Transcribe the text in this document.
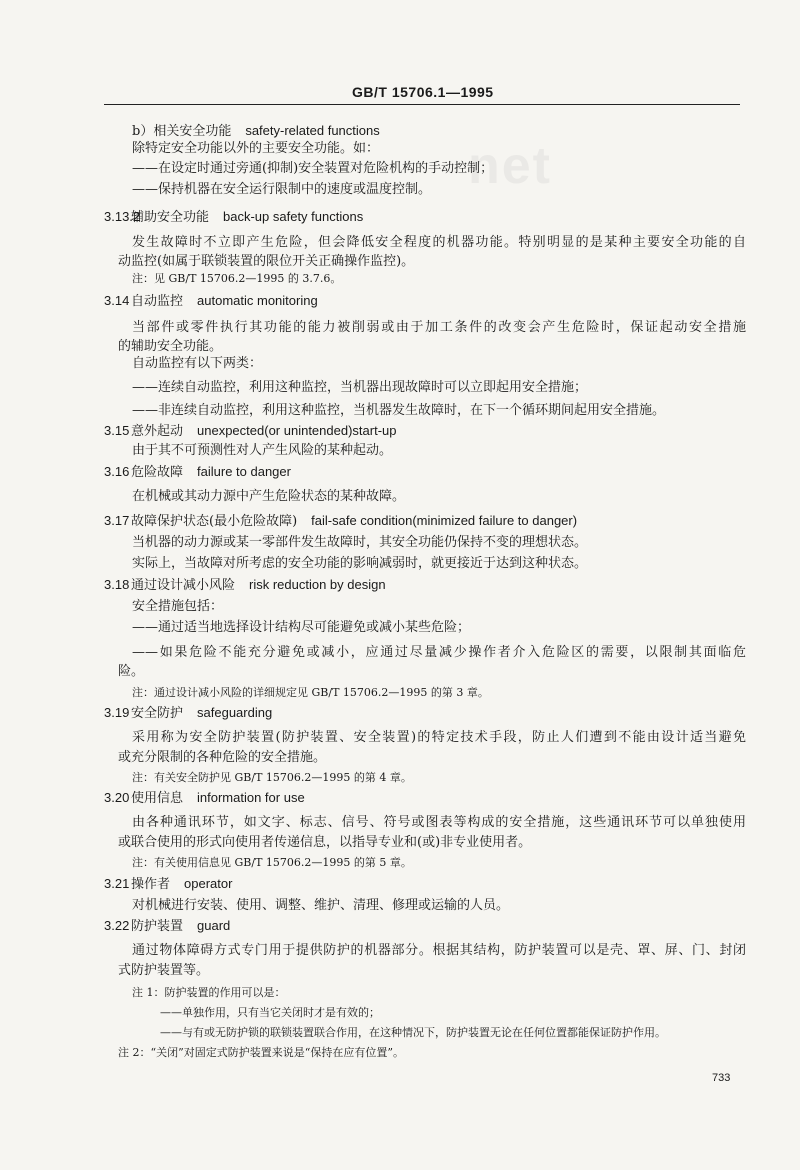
GB/T 15706.1—1995
net
b）相关安全功能 safety-related functions
除特定安全功能以外的主要安全功能。如：
——在设定时通过旁通(抑制)安全装置对危险机构的手动控制；
——保持机器在安全运行限制中的速度或温度控制。
3.13.2辅助安全功能 back-up safety functions
发生故障时不立即产生危险，但会降低安全程度的机器功能。特别明显的是某种主要安全功能的自
动监控(如属于联锁装置的限位开关正确操作监控)。
注：见 GB/T 15706.2—1995 的 3.7.6。
3.14 自动监控 automatic monitoring
当部件或零件执行其功能的能力被削弱或由于加工条件的改变会产生危险时，保证起动安全措施
的辅助安全功能。
自动监控有以下两类：
——连续自动监控，利用这种监控，当机器出现故障时可以立即起用安全措施；
——非连续自动监控，利用这种监控，当机器发生故障时，在下一个循环期间起用安全措施。
3.15 意外起动 unexpected(or unintended)start-up
由于其不可预测性对人产生风险的某种起动。
3.16 危险故障 failure to danger
在机械或其动力源中产生危险状态的某种故障。
3.17 故障保护状态(最小危险故障) fail-safe condition(minimized failure to danger)
当机器的动力源或某一零部件发生故障时，其安全功能仍保持不变的理想状态。
实际上，当故障对所考虑的安全功能的影响减弱时，就更接近于达到这种状态。
3.18 通过设计减小风险 risk reduction by design
安全措施包括：
——通过适当地选择设计结构尽可能避免或减小某些危险；
——如果危险不能充分避免或减小，应通过尽量减少操作者介入危险区的需要，以限制其面临危
险。
注：通过设计减小风险的详细规定见 GB/T 15706.2—1995 的第 3 章。
3.19 安全防护 safeguarding
采用称为安全防护装置(防护装置、安全装置)的特定技术手段，防止人们遭到不能由设计适当避免
或充分限制的各种危险的安全措施。
注：有关安全防护见 GB/T 15706.2—1995 的第 4 章。
3.20 使用信息 information for use
由各种通讯环节，如文字、标志、信号、符号或图表等构成的安全措施，这些通讯环节可以单独使用
或联合使用的形式向使用者传递信息，以指导专业和(或)非专业使用者。
注：有关使用信息见 GB/T 15706.2—1995 的第 5 章。
3.21 操作者 operator
对机械进行安装、使用、调整、维护、清理、修理或运输的人员。
3.22 防护装置 guard
通过物体障碍方式专门用于提供防护的机器部分。根据其结构，防护装置可以是壳、罩、屏、门、封闭
式防护装置等。
注 1：防护装置的作用可以是：
——单独作用，只有当它关闭时才是有效的；
——与有或无防护锁的联锁装置联合作用，在这种情况下，防护装置无论在任何位置都能保证防护作用。
注 2：“关闭”对固定式防护装置来说是“保持在应有位置”。
733
